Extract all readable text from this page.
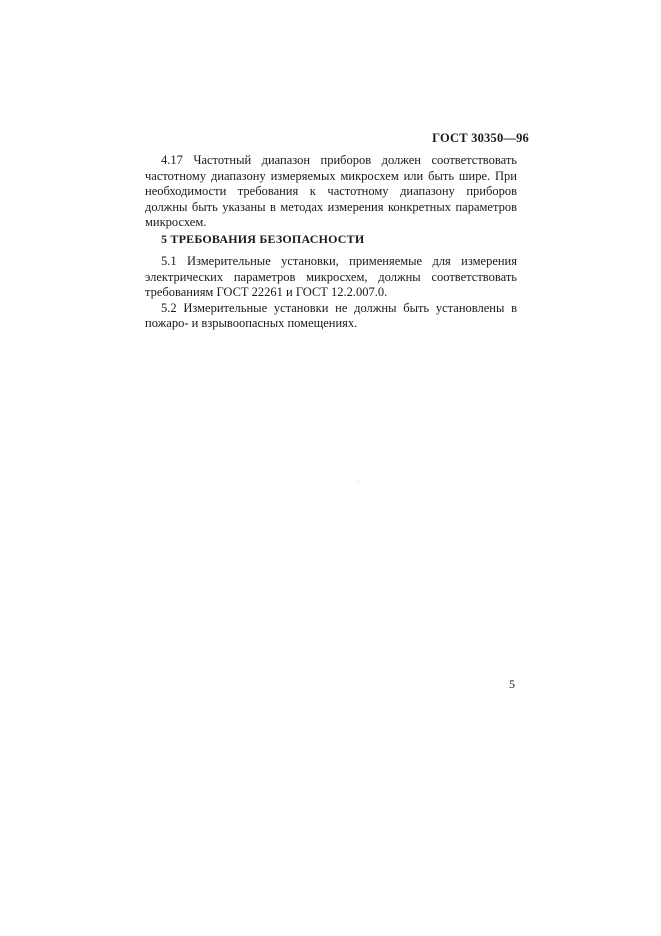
ГОСТ 30350—96

4.17 Частотный диапазон приборов должен соответствовать частотному диапазону измеряемых микросхем или быть шире. При необходимости требования к частотному диапазону приборов должны быть указаны в методах измерения конкретных параметров микросхем.

5 ТРЕБОВАНИЯ БЕЗОПАСНОСТИ

5.1 Измерительные установки, применяемые для измерения электрических параметров микросхем, должны соответствовать требованиям ГОСТ 22261 и ГОСТ 12.2.007.0.

5.2 Измерительные установки не должны быть установлены в пожаро- и взрывоопасных помещениях.

5
